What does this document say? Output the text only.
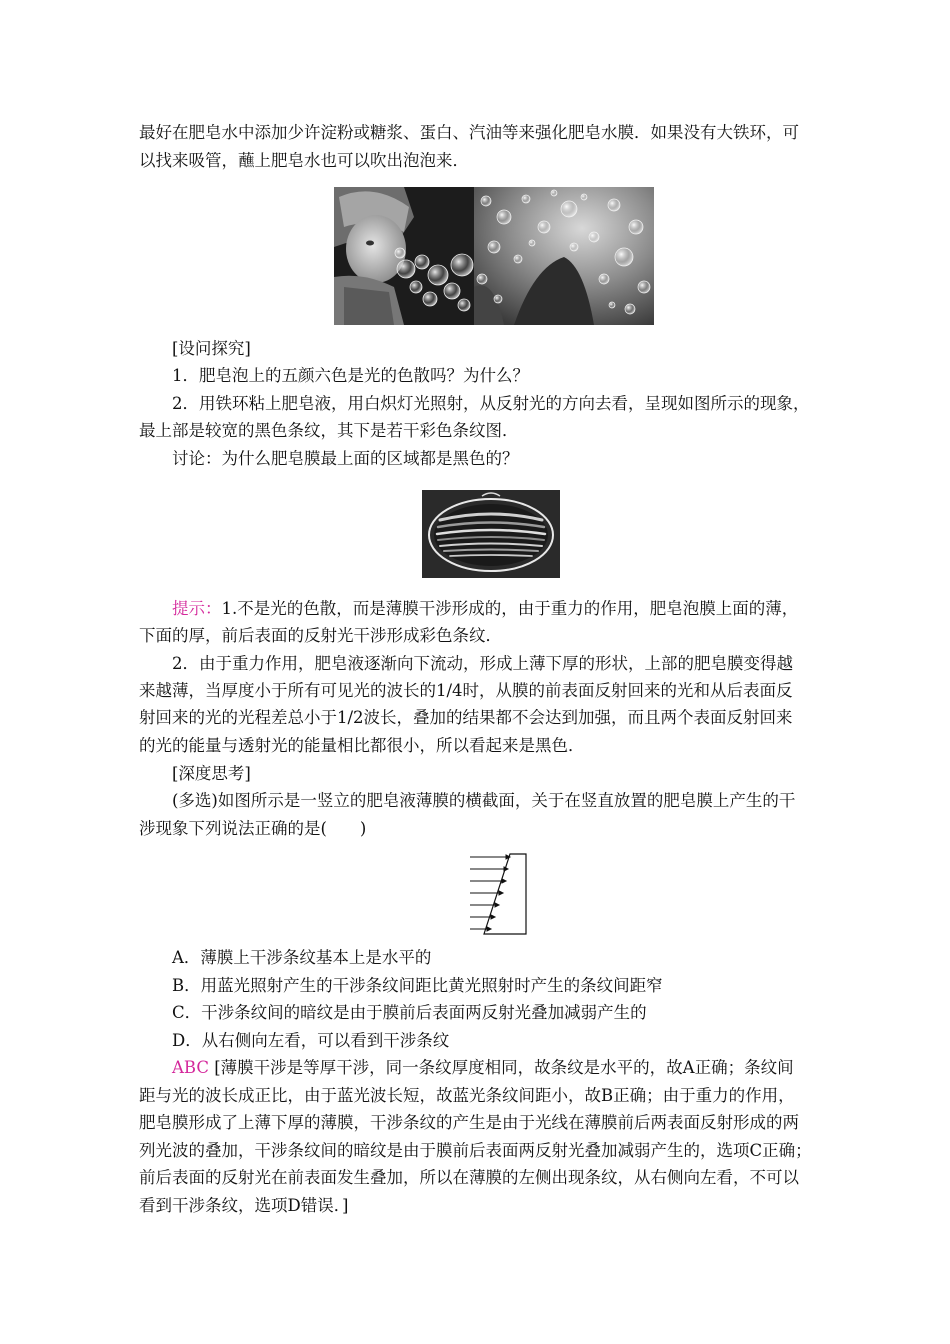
最好在肥皂水中添加少许淀粉或糖浆、蛋白、汽油等来强化肥皂水膜．如果没有大铁环，可
以找来吸管，蘸上肥皂水也可以吹出泡泡来．
[设问探究]
1．肥皂泡上的五颜六色是光的色散吗？为什么？
2．用铁环粘上肥皂液，用白炽灯光照射，从反射光的方向去看，呈现如图所示的现象，
最上部是较宽的黑色条纹，其下是若干彩色条纹图．
讨论：为什么肥皂膜最上面的区域都是黑色的？
提示：1.不是光的色散，而是薄膜干涉形成的，由于重力的作用，肥皂泡膜上面的薄，
下面的厚，前后表面的反射光干涉形成彩色条纹．
2．由于重力作用，肥皂液逐渐向下流动，形成上薄下厚的形状，上部的肥皂膜变得越
来越薄，当厚度小于所有可见光的波长的1/4时，从膜的前表面反射回来的光和从后表面反
射回来的光的光程差总小于1/2波长，叠加的结果都不会达到加强，而且两个表面反射回来
的光的能量与透射光的能量相比都很小，所以看起来是黑色．
[深度思考]
(多选)如图所示是一竖立的肥皂液薄膜的横截面，关于在竖直放置的肥皂膜上产生的干
涉现象下列说法正确的是(　　)
A．薄膜上干涉条纹基本上是水平的
B．用蓝光照射产生的干涉条纹间距比黄光照射时产生的条纹间距窄
C．干涉条纹间的暗纹是由于膜前后表面两反射光叠加减弱产生的
D．从右侧向左看，可以看到干涉条纹
ABC [薄膜干涉是等厚干涉，同一条纹厚度相同，故条纹是水平的，故A正确；条纹间
距与光的波长成正比，由于蓝光波长短，故蓝光条纹间距小，故B正确；由于重力的作用，
肥皂膜形成了上薄下厚的薄膜，干涉条纹的产生是由于光线在薄膜前后两表面反射形成的两
列光波的叠加，干涉条纹间的暗纹是由于膜前后表面两反射光叠加减弱产生的，选项C正确；
前后表面的反射光在前表面发生叠加，所以在薄膜的左侧出现条纹，从右侧向左看，不可以
看到干涉条纹，选项D错误．]
